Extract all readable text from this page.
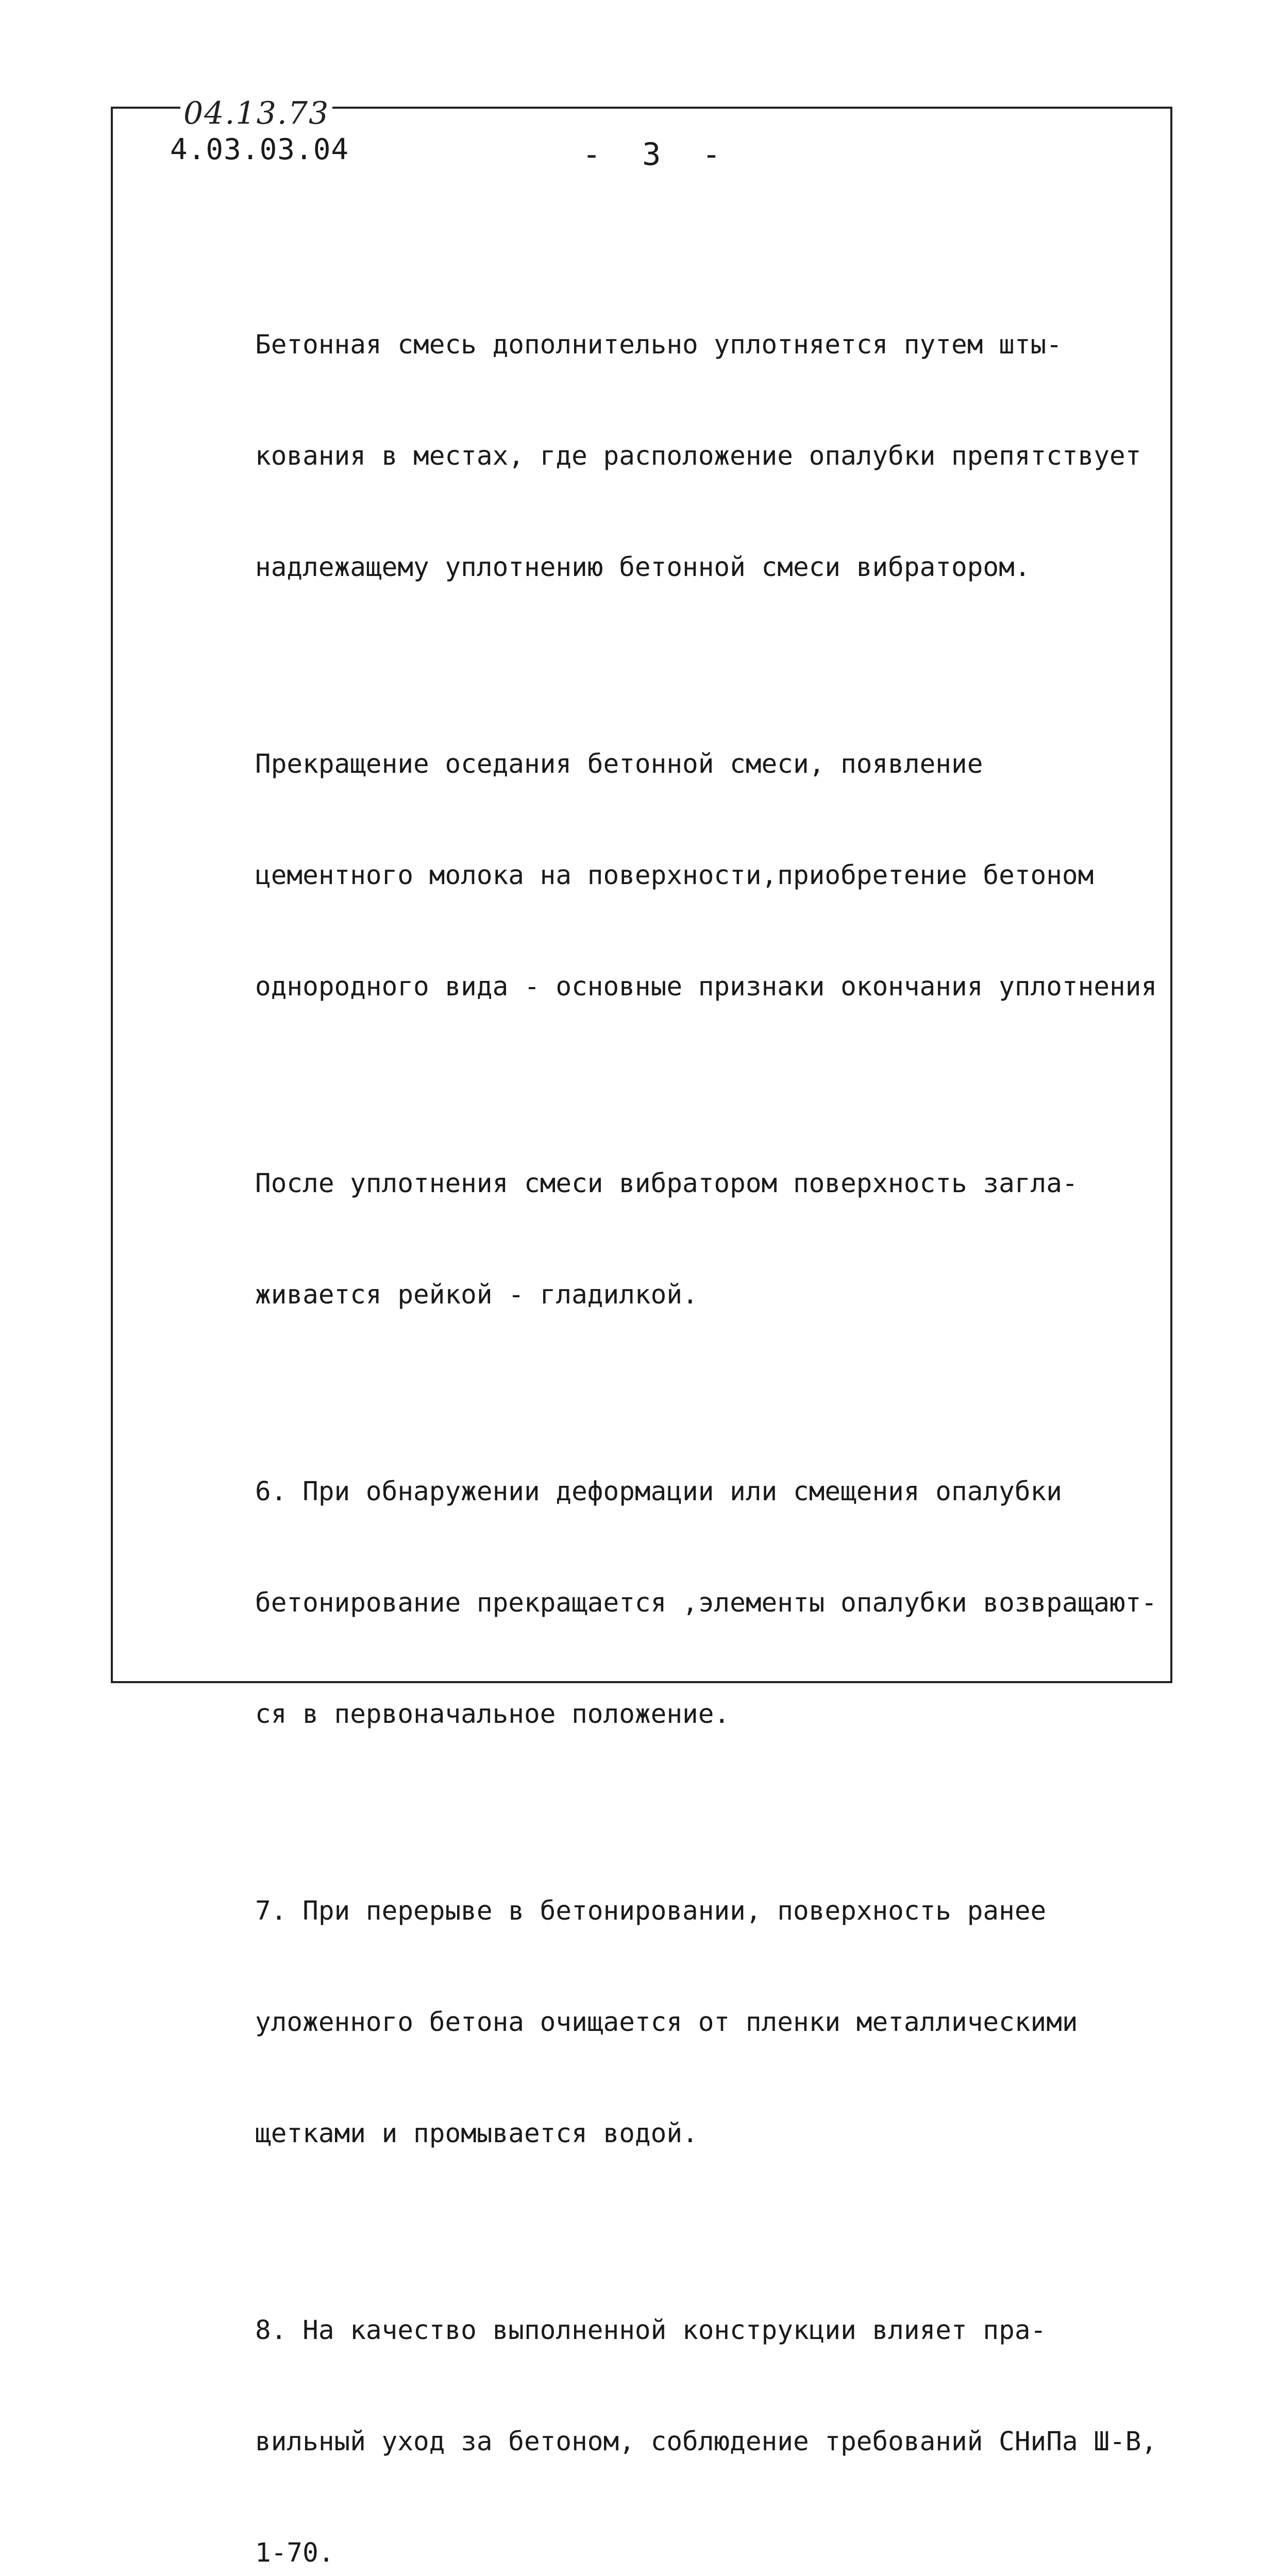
04.13.73
4.03.03.04	- 3 -

Бетонная смесь дополнительно уплотняется путем шты-

кования в местах, где расположение опалубки препятствует

надлежащему уплотнению бетонной смеси вибратором.

Прекращение оседания бетонной смеси, появление

цементного молока на поверхности,приобретение бетоном

однородного вида - основные признаки окончания уплотнения

После уплотнения смеси вибратором поверхность загла-

живается рейкой - гладилкой.

6. При обнаружении деформации или смещения опалубки

бетонирование прекращается ,элементы опалубки возвращают-

ся в первоначальное положение.

7. При перерыве в бетонировании, поверхность ранее

уложенного бетона очищается от пленки металлическими

щетками и промывается водой.

8. На качество выполненной конструкции влияет пра-

вильный уход за бетоном, соблюдение требований СНиПа Ш-В,

1-70.
